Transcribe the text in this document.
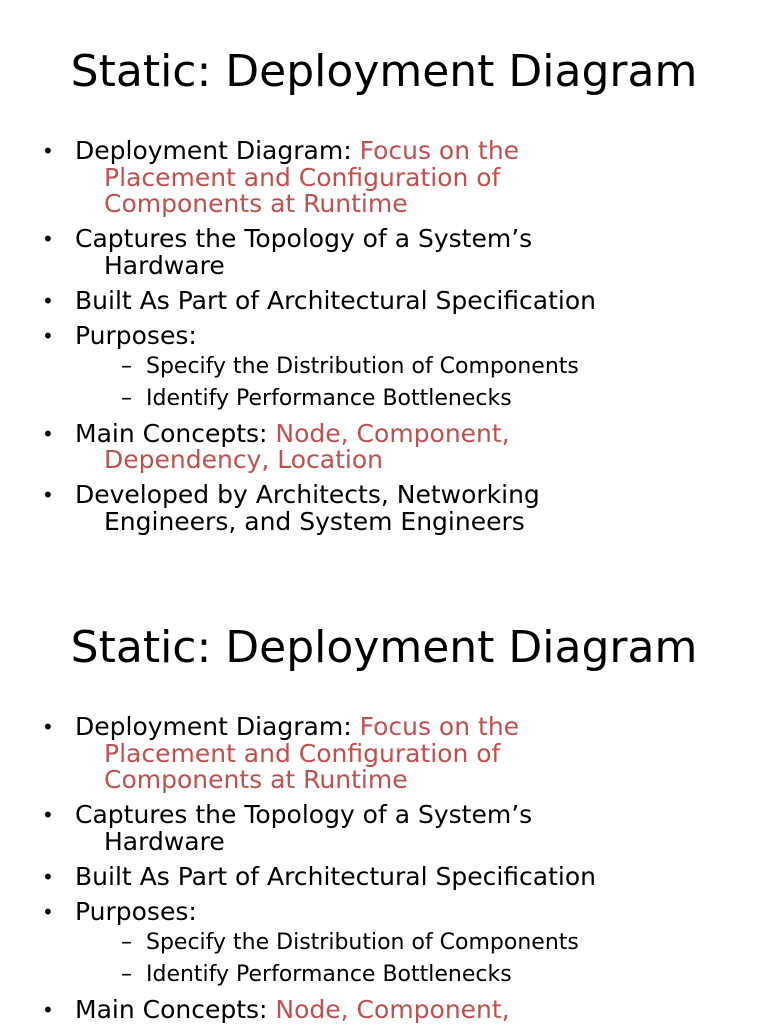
Static: Deployment Diagram
• Deployment Diagram: Focus on the
Placement and Configuration of
Components at Runtime
• Captures the Topology of a System’s
Hardware
• Built As Part of Architectural Specification
• Purposes:
– Specify the Distribution of Components
– Identify Performance Bottlenecks
• Main Concepts: Node, Component,
Dependency, Location
• Developed by Architects, Networking
Engineers, and System Engineers
Static: Deployment Diagram
• Deployment Diagram: Focus on the
Placement and Configuration of
Components at Runtime
• Captures the Topology of a System’s
Hardware
• Built As Part of Architectural Specification
• Purposes:
– Specify the Distribution of Components
– Identify Performance Bottlenecks
• Main Concepts: Node, Component,
